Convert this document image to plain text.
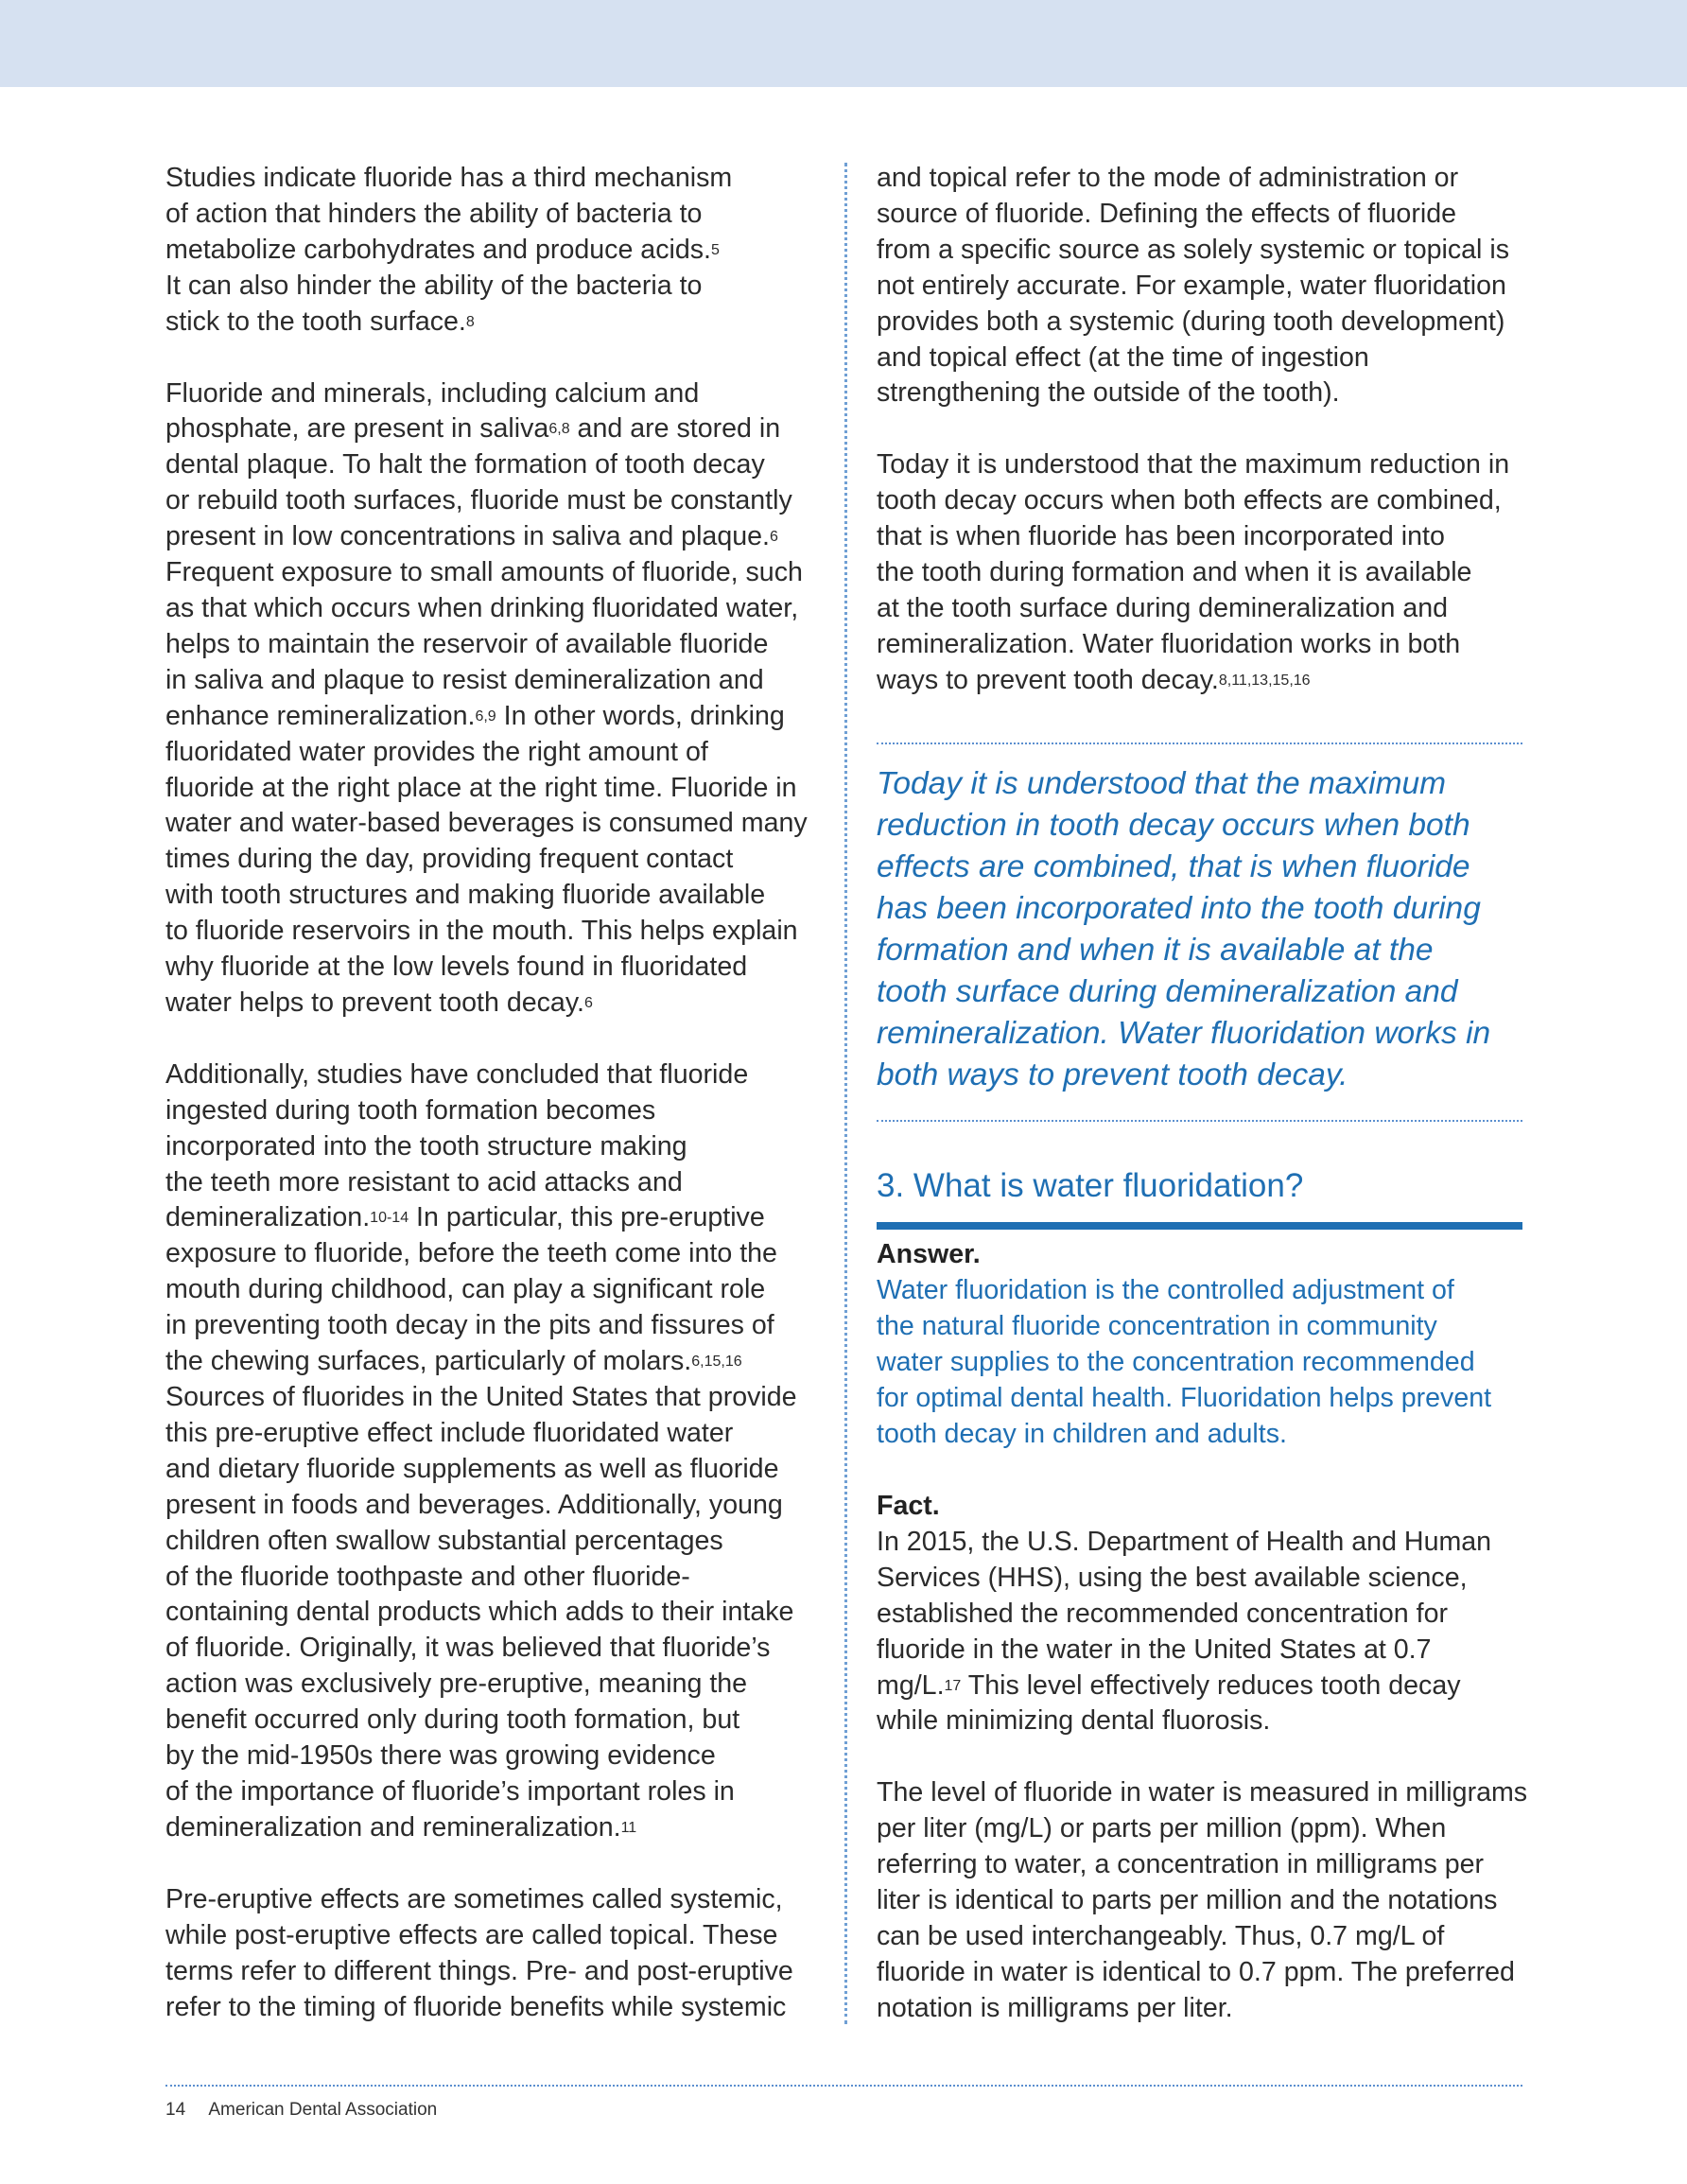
Studies indicate fluoride has a third mechanism
of action that hinders the ability of bacteria to
metabolize carbohydrates and produce acids.$^5$
It can also hinder the ability of the bacteria to
stick to the tooth surface.$^8$

Fluoride and minerals, including calcium and
phosphate, are present in saliva$^{6,8}$ and are stored in
dental plaque. To halt the formation of tooth decay
or rebuild tooth surfaces, fluoride must be constantly
present in low concentrations in saliva and plaque.$^6$
Frequent exposure to small amounts of fluoride, such
as that which occurs when drinking fluoridated water,
helps to maintain the reservoir of available fluoride
in saliva and plaque to resist demineralization and
enhance remineralization.$^{6,9}$ In other words, drinking
fluoridated water provides the right amount of
fluoride at the right place at the right time. Fluoride in
water and water-based beverages is consumed many
times during the day, providing frequent contact
with tooth structures and making fluoride available
to fluoride reservoirs in the mouth. This helps explain
why fluoride at the low levels found in fluoridated
water helps to prevent tooth decay.$^6$

Additionally, studies have concluded that fluoride
ingested during tooth formation becomes
incorporated into the tooth structure making
the teeth more resistant to acid attacks and
demineralization.$^{10-14}$ In particular, this pre-eruptive
exposure to fluoride, before the teeth come into the
mouth during childhood, can play a significant role
in preventing tooth decay in the pits and fissures of
the chewing surfaces, particularly of molars.$^{6,15,16}$
Sources of fluorides in the United States that provide
this pre-eruptive effect include fluoridated water
and dietary fluoride supplements as well as fluoride
present in foods and beverages. Additionally, young
children often swallow substantial percentages
of the fluoride toothpaste and other fluoride-
containing dental products which adds to their intake
of fluoride. Originally, it was believed that fluoride’s
action was exclusively pre-eruptive, meaning the
benefit occurred only during tooth formation, but
by the mid-1950s there was growing evidence
of the importance of fluoride’s important roles in
demineralization and remineralization.$^{11}$

Pre-eruptive effects are sometimes called systemic,
while post-eruptive effects are called topical. These
terms refer to different things. Pre- and post-eruptive
refer to the timing of fluoride benefits while systemic

and topical refer to the mode of administration or
source of fluoride. Defining the effects of fluoride
from a specific source as solely systemic or topical is
not entirely accurate. For example, water fluoridation
provides both a systemic (during tooth development)
and topical effect (at the time of ingestion
strengthening the outside of the tooth).

Today it is understood that the maximum reduction in
tooth decay occurs when both effects are combined,
that is when fluoride has been incorporated into
the tooth during formation and when it is available
at the tooth surface during demineralization and
remineralization. Water fluoridation works in both
ways to prevent tooth decay.$^{8,11,13,15,16}$

Today it is understood that the maximum
reduction in tooth decay occurs when both
effects are combined, that is when fluoride
has been incorporated into the tooth during
formation and when it is available at the
tooth surface during demineralization and
remineralization. Water fluoridation works in
both ways to prevent tooth decay.
3. What is water fluoridation?

Answer.

Water fluoridation is the controlled adjustment of
the natural fluoride concentration in community
water supplies to the concentration recommended
for optimal dental health. Fluoridation helps prevent
tooth decay in children and adults.

Fact.

In 2015, the U.S. Department of Health and Human
Services (HHS), using the best available science,
established the recommended concentration for
fluoride in the water in the United States at 0.7
mg/L.$^{17}$ This level effectively reduces tooth decay
while minimizing dental fluorosis.

The level of fluoride in water is measured in milligrams
per liter (mg/L) or parts per million (ppm). When
referring to water, a concentration in milligrams per
liter is identical to parts per million and the notations
can be used interchangeably. Thus, 0.7 mg/L of
fluoride in water is identical to 0.7 ppm. The preferred
notation is milligrams per liter.

14 American Dental Association
